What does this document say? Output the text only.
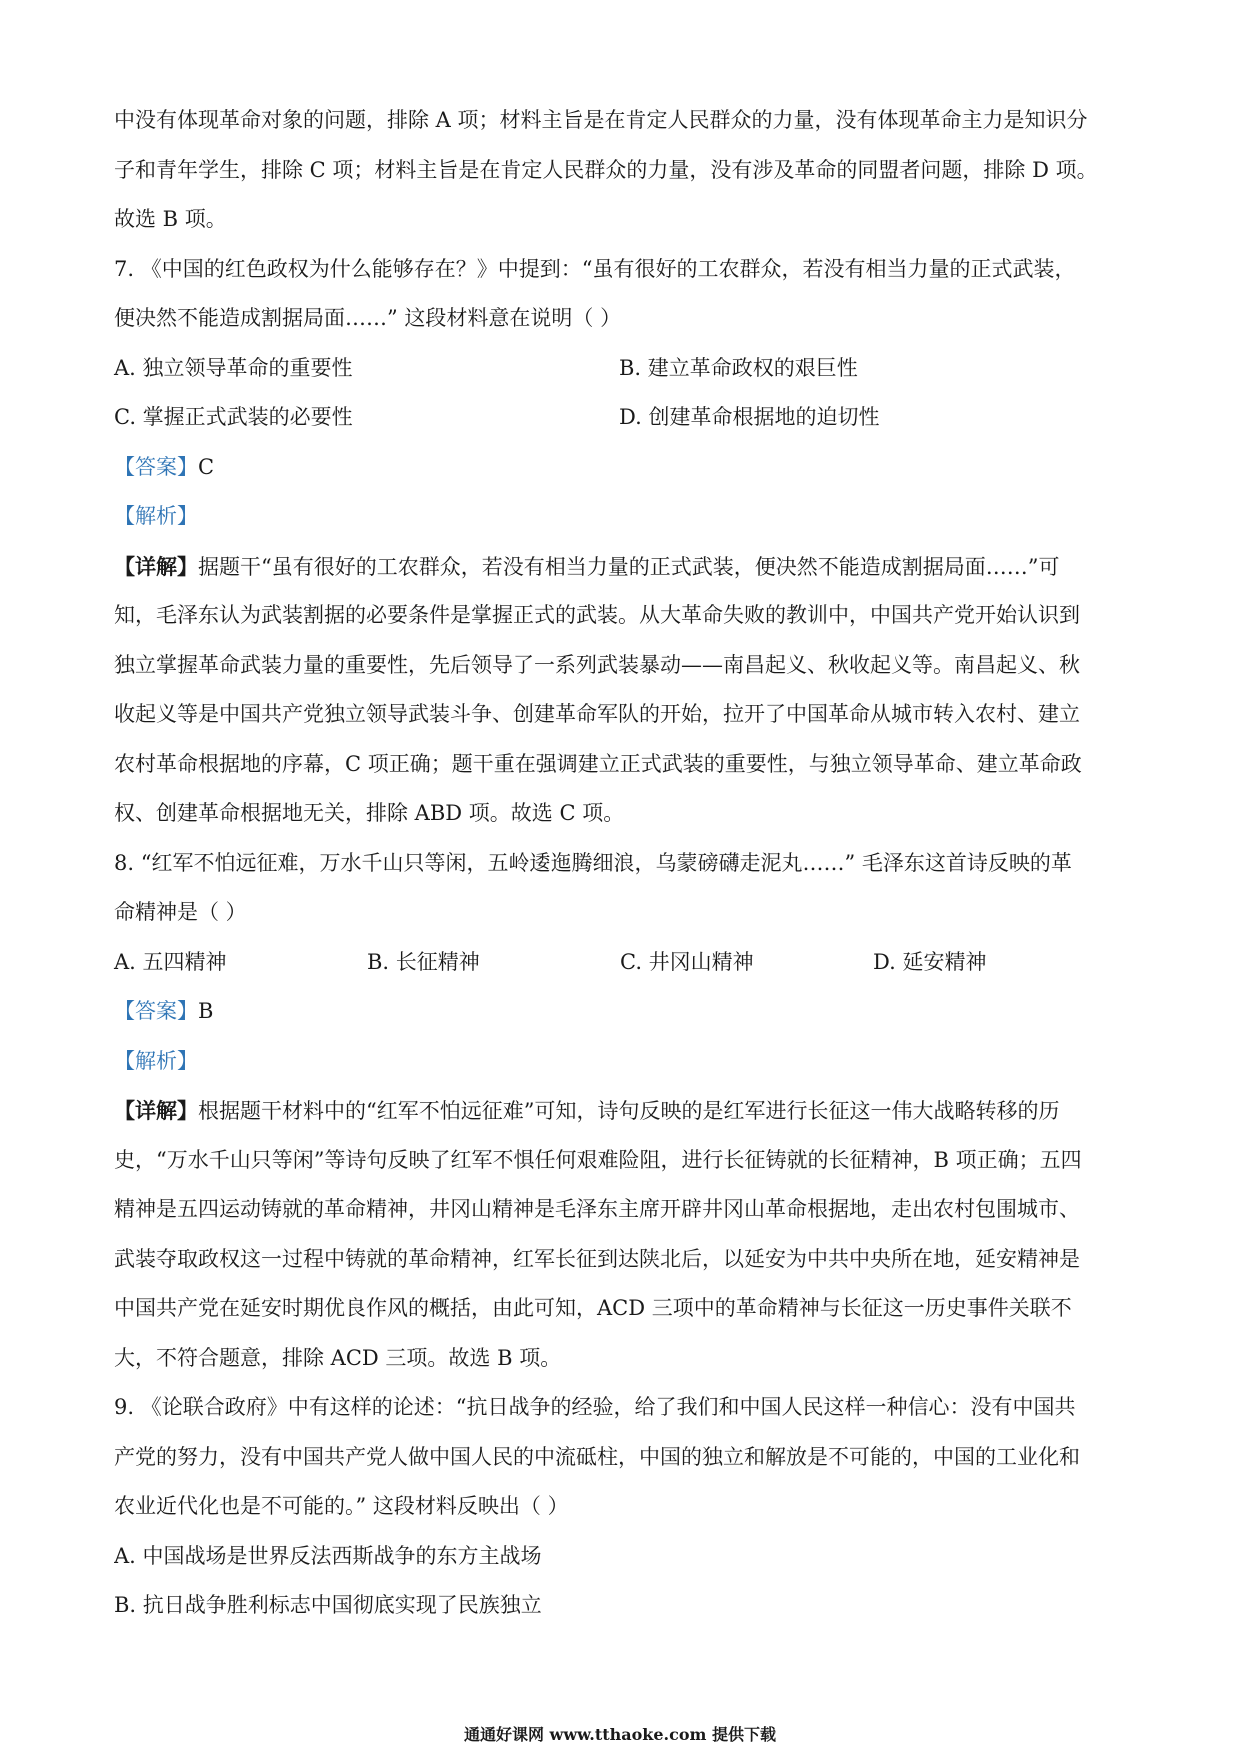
中没有体现革命对象的问题，排除 A 项；材料主旨是在肯定人民群众的力量，没有体现革命主力是知识分
子和青年学生，排除 C 项；材料主旨是在肯定人民群众的力量，没有涉及革命的同盟者问题，排除 D 项。
故选 B 项。
7. 《中国的红色政权为什么能够存在？》中提到：“虽有很好的工农群众，若没有相当力量的正式武装，
便决然不能造成割据局面……” 这段材料意在说明（ ）
A. 独立领导革命的重要性	B. 建立革命政权的艰巨性
C. 掌握正式武装的必要性	D. 创建革命根据地的迫切性
【答案】C
【解析】
【详解】据题干“虽有很好的工农群众，若没有相当力量的正式武装，便决然不能造成割据局面……”可
知，毛泽东认为武装割据的必要条件是掌握正式的武装。从大革命失败的教训中，中国共产党开始认识到
独立掌握革命武装力量的重要性，先后领导了一系列武装暴动——南昌起义、秋收起义等。南昌起义、秋
收起义等是中国共产党独立领导武装斗争、创建革命军队的开始，拉开了中国革命从城市转入农村、建立
农村革命根据地的序幕，C 项正确；题干重在强调建立正式武装的重要性，与独立领导革命、建立革命政
权、创建革命根据地无关，排除 ABD 项。故选 C 项。
8. “红军不怕远征难，万水千山只等闲，五岭逶迤腾细浪，乌蒙磅礴走泥丸……” 毛泽东这首诗反映的革
命精神是（ ）
A. 五四精神	B. 长征精神	C. 井冈山精神	D. 延安精神
【答案】B
【解析】
【详解】根据题干材料中的“红军不怕远征难”可知，诗句反映的是红军进行长征这一伟大战略转移的历
史，“万水千山只等闲”等诗句反映了红军不惧任何艰难险阻，进行长征铸就的长征精神，B 项正确；五四
精神是五四运动铸就的革命精神，井冈山精神是毛泽东主席开辟井冈山革命根据地，走出农村包围城市、
武装夺取政权这一过程中铸就的革命精神，红军长征到达陕北后，以延安为中共中央所在地，延安精神是
中国共产党在延安时期优良作风的概括，由此可知，ACD 三项中的革命精神与长征这一历史事件关联不
大，不符合题意，排除 ACD 三项。故选 B 项。
9. 《论联合政府》中有这样的论述：“抗日战争的经验，给了我们和中国人民这样一种信心：没有中国共
产党的努力，没有中国共产党人做中国人民的中流砥柱，中国的独立和解放是不可能的，中国的工业化和
农业近代化也是不可能的。” 这段材料反映出（ ）
A. 中国战场是世界反法西斯战争的东方主战场
B. 抗日战争胜利标志中国彻底实现了民族独立
通通好课网 www.tthaoke.com 提供下载
